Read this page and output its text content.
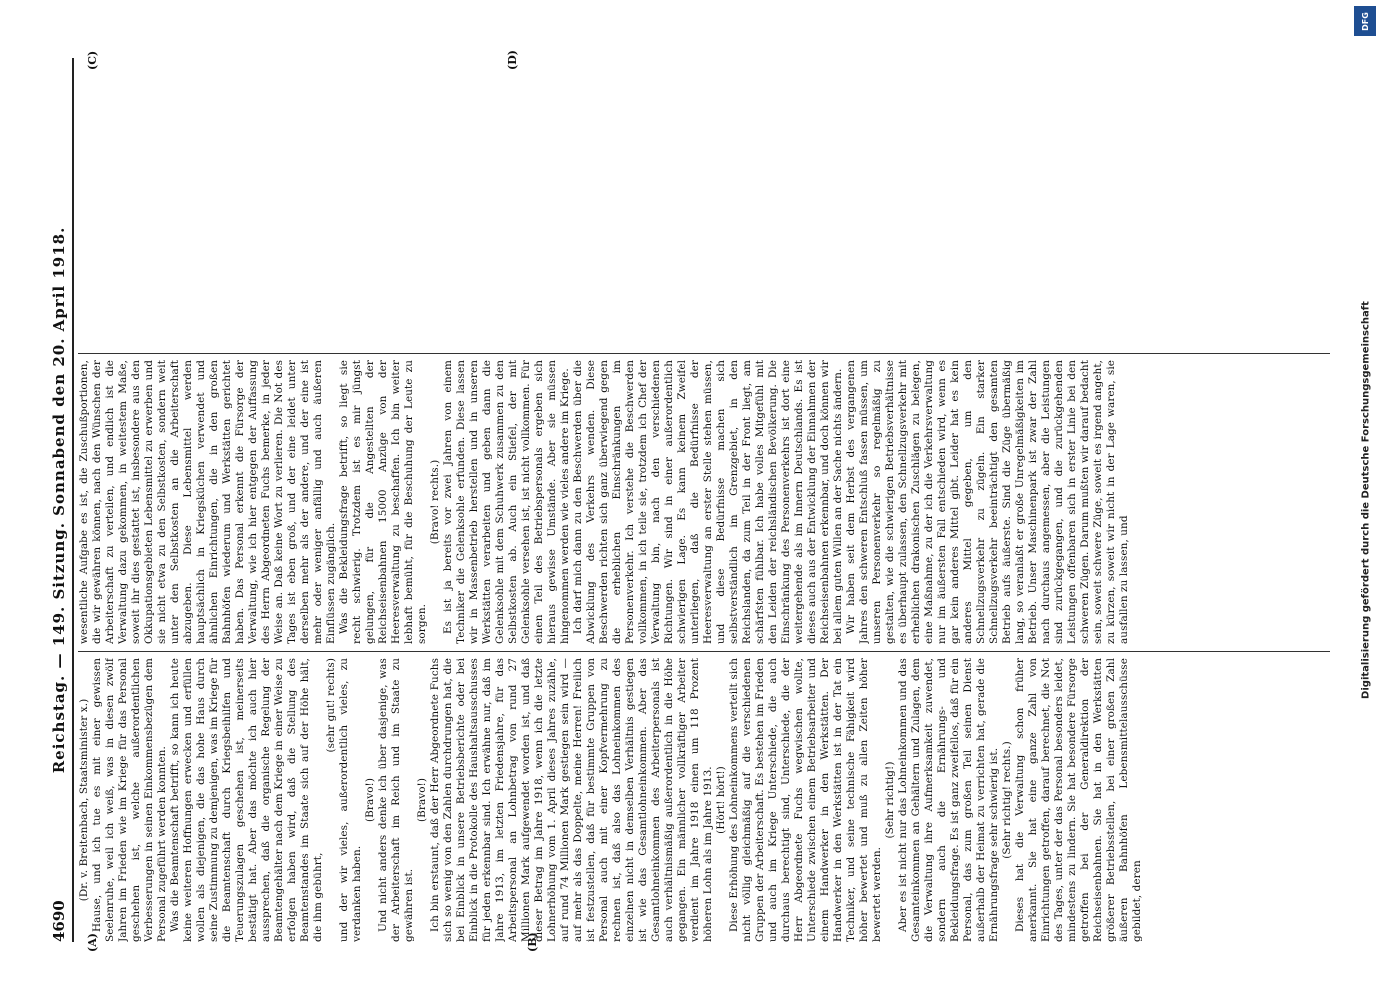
4690
Reichstag. — 149. Sitzung. Sonnabend den 20. April 1918.
(A)	(B)
(C)	(D)

(Dr. v. Breitenbach, Staatsminister x.) Hause, und ich tue es mit einer gewissen Seelenruhe, weil ich weiß, was in diesen zwölf Jahren im Frieden wie im Kriege für das Personal geschehen ist, welche außerordentlichen Verbesserungen in seinen Einkommensbezügen dem Personal zugeführt werden konnten. Was die Beamtenschaft betrifft, so kann ich heute keine weiteren Hoffnungen erwecken und erfüllen wollen als diejenigen, die das hohe Haus durch seine Zustimmung zu demjenigen, was im Kriege für die Beamtenschaft durch Kriegsbeihilfen und Teuerungszulagen geschehen ist, meinerseits bestätigt hat. Aber das möchte ich auch hier aussprechen, daß die organische Regelung der Beamtengehälter nach dem Kriege in einer Weise zu erfolgen haben wird, daß die Stellung des Beamtenstandes im Staate sich auf der Höhe hält, die ihm gebührt,

(sehr gut! rechts) und der wir vieles, außerordentlich vieles, zu verdanken haben.

(Bravo!) Und nicht anders denke ich über dasjenige, was der Arbeiterschaft im Reich und im Staate zu gewähren ist.

(Bravo!) Ich bin erstaunt, daß der Herr Abgeordnete Fuchs sich so wenig von den Zahlen durchdrungen hat, die bei Einblick in unsere Betriebsberichte oder bei Einblick in die Protokolle des Haushaltsausschusses für jeden erkennbar sind. Ich erwähne nur, daß im Jahre 1913, im letzten Friedensjahre, für das Arbeitspersonal an Lohnbetrag von rund 27 Millionen Mark aufgewendet worden ist, und daß dieser Betrag im Jahre 1918, wenn ich die letzte Lohnerhöhung vom 1. April dieses Jahres zuzähle, auf rund 74 Millionen Mark gestiegen sein wird — auf mehr als das Doppelte, meine Herren! Freilich ist festzustellen, daß für bestimmte Gruppen von Personal auch mit einer Kopfvermehrung zu rechnen ist, daß also das Lohneinkommen des einzelnen nicht in demselben Verhältnis gestiegen ist wie das Gesamtlohneinkommen. Aber das Gesamtlohneinkommen des Arbeiterpersonals ist auch verhältnismäßig außerordentlich in die Höhe gegangen. Ein männlicher vollkräftiger Arbeiter verdient im Jahre 1918 einen um 118 Prozent höheren Lohn als im Jahre 1913. (Hört! hört!) Diese Erhöhung des Lohneinkommens verteilt sich nicht völlig gleichmäßig auf die verschiedenen Gruppen der Arbeiterschaft. Es bestehen im Frieden und auch im Kriege Unterschiede, die auch durchaus berechtigt sind, Unterschiede, die der Herr Abgeordnete Fuchs wegwischen wollte, Unterschiede zwischen einem Betriebsarbeiter und einem Handwerker in den Werkstätten. Der Handwerker in den Werkstätten ist in der Tat ein Techniker, und seine technische Fähigkeit wird höher bewertet und muß zu allen Zeiten höher bewertet werden.

(Sehr richtig!) Aber es ist nicht nur das Lohneinkommen und das Gesamteinkommen an Gehältern und Zulagen, dem die Verwaltung ihre Aufmerksamkeit zuwendet, sondern auch die Ernährungs- und Bekleidungsfrage. Es ist ganz zweifellos, daß für ein Personal, das zum großen Teil seinen Dienst außerhalb der Heimat zu verrichten hat, gerade die Ernährungsfrage sehr schwierig ist. (Sehr richtig! rechts.) Dieses hat die Verwaltung schon früher anerkannt. Sie hat eine ganze Zahl von Einrichtungen getroffen, darauf berechnet, die Not des Tages, unter der das Personal besonders leidet, mindestens zu lindern. Sie hat besondere Fürsorge getroffen bei der Generaldirektion der Reichseisenbahnen. Sie hat in den Werkstätten größerer Betriebsstellen, bei einer großen Zahl äußeren Bahnhöfen Lebensmittelausschüsse gebildet, deren

wesentliche Aufgabe es ist, die Zuschußportionen, die wir gewähren können, nach den Wünschen der Arbeiterschaft zu verteilen, und endlich ist die Verwaltung dazu gekommen, in weitestem Maße, soweit ihr dies gestattet ist, insbesondere aus den Okkupationsgebieten Lebensmittel zu erwerben und sie nicht etwa zu den Selbstkosten, sondern weit unter den Selbstkosten an die Arbeiterschaft abzugeben. Diese Lebensmittel werden hauptsächlich in Kriegsküchen verwendet und ähnlichen Einrichtungen, die in den großen Bahnhöfen wiederum und Werkstätten gerichtet haben. Das Personal erkennt die Fürsorge der Verwaltung, wie ich hier entgegen der Auffassung des Herrn Abgeordneten Fuchs bemerke, in jeder Weise an. Daß keine Wort zu verlieren. Die Not des Tages ist eben groß, und der eine leidet unter derselben mehr als der andere, und der eine ist mehr oder weniger anfällig und auch äußeren Einflüssen zugänglich. Was die Bekleidungsfrage betrifft, so liegt sie recht schwierig. Trotzdem ist es mir jüngst gelungen, für die Angestellten der Reichseisenbahnen 15000 Anzüge von der Heeresverwaltung zu beschaffen. Ich bin weiter lebhaft bemüht, für die Beschuhung der Leute zu sorgen.

(Bravo! rechts.) Es ist ja bereits vor zwei Jahren von einem Techniker die Gelenksohle erfunden. Diese lassen wir in Massenbetrieb herstellen und in unseren Werkstätten verarbeiten und geben dann die Gelenksohle mit dem Schuhwerk zusammen zu den Selbstkosten ab. Auch ein Stiefel, der mit Gelenksohle versehen ist, ist nicht vollkommen. Für einen Teil des Betriebspersonals ergeben sich hieraus gewisse Umstände. Aber sie müssen hingenommen werden wie vieles andere im Kriege. Ich darf mich dann zu den Beschwerden über die Abwicklung des Verkehrs wenden. Diese Beschwerden richten sich ganz überwiegend gegen die erheblichen Einschränkungen im Personenverkehr. Ich verstehe die Beschwerden vollkommen, in ich teile sie, trotzdem ich Chef der Verwaltung bin, nach den verschiedenen Richtungen. Wir sind in einer außerordentlich schwierigen Lage. Es kann keinem Zweifel unterliegen, daß die Bedürfnisse der Heeresverwaltung an erster Stelle stehen müssen, und diese Bedürfnisse machen sich selbstverständlich im Grenzgebiet, in den Reichslanden, da zum Teil in der Front liegt, am schärfsten fühlbar. Ich habe volles Mitgefühl mit den Leiden der reichsländischen Bevölkerung. Die Einschränkung des Personenverkehrs ist dort eine weitergehende als im Innern Deutschlands. Es ist dieses auch aus der Entwicklung der Einnahmen der Reichseisenbahnen erkennbar, und doch können wir bei allem guten Willen an der Sache nichts ändern. Wir haben seit dem Herbst des vergangenen Jahres den schweren Entschluß fassen müssen, um unseren Personenverkehr so regelmäßig zu gestalten, wie die schwierigen Betriebsverhältnisse es überhaupt zulassen, den Schnellzugsverkehr mit erheblichen drakonischen Zuschlägen zu belegen, eine Maßnahme, zu der ich die Verkehrsverwaltung nur im äußersten Fall entschieden wird, wenn es gar kein anderes Mittel gibt. Leider hat es kein anderes Mittel gegeben, um den Schnellzugsverkehr zu zügeln. Ein starker Schnellzugsverkehr beeinträchtigt den gesamten Betrieb aufs äußerste. Sind die Züge übermäßig lang, so veranlaßt er große Unregelmäßigkeiten im Betrieb. Unser Maschinenpark ist zwar der Zahl nach durchaus angemessen, aber die Leistungen sind zurückgegangen, und die zurückgehenden Leistungen offenbaren sich in erster Linie bei den schweren Zügen. Darum mußten wir darauf bedacht sein, soweit schwere Züge, soweit es irgend angeht, zu kürzen, soweit wir nicht in der Lage waren, sie ausfallen zu lassen, und

DFG
Digitalisierung gefördert durch die Deutsche Forschungsgemeinschaft
